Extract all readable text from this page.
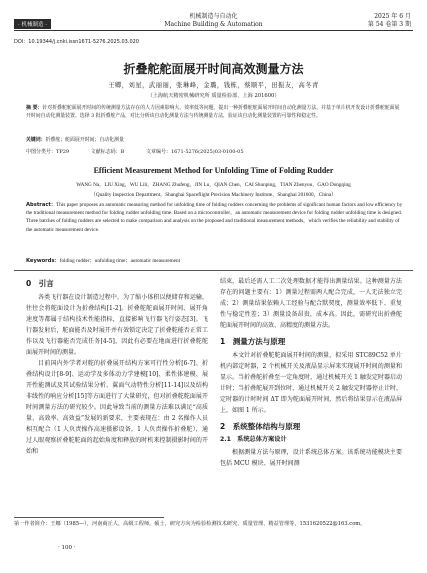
· 机械制造 ·
机械制造与自动化
Machine Building & Automation
2025 年 6 月
第 54 卷第 3 期
DOI：10.19344/j.cnki.issn1671-5276.2025.03.020
折叠舵舵面展开时间高效测量方法
王卿，刘星，武丽丽，张琳峰，金璐，钱栋，蔡顺平，田振友，高冬青
（上海航天精密机械研究所 质量检验部，上海 201600）
摘 要：针对折叠舵舵面展开时间的传统测量方法存在的人力因素影响大、效率低等问题，提出一种折叠舵舵面展开时间自动化测量方法，并基于单片机开发设计折叠舵舵面展开时间自动化测量装置。选择 3 批折叠舵产品，对比分析该自动化测量方法与传统测量方法，验证该自动化测量装置的可靠性和稳定性。
关键词：折叠舵；舵面展开时间；自动化测量
中图分类号：TP29	文献标志码：B	文章编号：1671-5276(2025)03-0100-05
Efficient Measurement Method for Unfolding Time of Folding Rudder
WANG Na，LIU Xing，WU Lili，ZHANG Zhufeng，JIN Lu，QIAN Chen，CAI Shunping，TIAN Zhenyou，GAO Dongqing
（Quality Inspection Department，Shanghai Spaceflight Precision Machinery Institute，Shanghai 201600，China）
Abstract：This paper proposes an automatic measuring method for unfolding time of folding rudders concerning the problems of significant human factors and low efficiency by the traditional measurement method for folding rudder unfolding time. Based on a microcontroller，an automatic measurement device for folding rudder unfolding time is designed. Three batches of folding rudders are selected to make comparison and analysis on the proposed and traditional measurement methods，which verifies the reliability and stability of the automatic measurement device.
Keywords：folding rudder；unfolding time；automatic measurement
0　引言

各类飞行器在设计制造过程中，为了缩小体积以便储存和运输，往往会将舵面设计为折叠结构[1-2]。折叠舵舵面展开时间、展开角速度等都属于结构技术性能指标，直接影响飞行器飞行姿态[3]。飞行器发射后，舵面能否及时展开并有效锁定决定了折叠舵能否正常工作以及飞行器能否完成任务[4-5]，因此有必要在地面进行折叠舵舵面展开时间的测量。

目前国内外学者对舵的折叠展开结构方案可行性分析[6-7]、折叠结构设计[8-9]、运动学及多体动力学建模[10]、柔性体建模、展开性能测试及其试验结果分析、翼面气动特性分析[11-14]以及结构非线性的响应分析[15]等方面进行了大量研究，但对折叠舵舵面展开时间测量方法的研究较少。因此导致当前的测量方法难以满足“高质量、高效率、高效益”发展的新要求，主要表现在：由 2 名操作人员相互配合（1 人负责操作高速摄影设备，1 人负责操作折叠舵），通过人眼观察折叠舵舵面的起始角度和释放的时机来控制摄影时间的开始和

结束，最后还需人工二次处理数据才能得出测量结果。这种测量方法存在的问题主要有：1）测量过程需两人配合完成，一人无法独立完成；2）测量结果依赖人工经验与配合默契度，测量效率低下、重复性与稳定性差；3）测量设备昂贵，成本高。因此，需研究出折叠舵舵面展开时间的高效、高精度的测量方法。

1　测量方法与原理

本文针对折叠舵舵面展开时间的测量，拟采用 STC89C52 单片机内部定时器，2 个机械开关及液晶显示屏来实现展开时间的测量和显示。当折叠舵折叠至一定角度时，通过机械开关 1 触发定时器启动计时；当折叠舵展开到位时，通过机械开关 2 触发定时器停止计时，定时器的计时时间 ΔT 即为舵面展开时间，然后将结果显示在液晶屏上，如图 1 所示。

2　系统整体结构与原理
2.1　系统总体方案设计

根据测量方法与原理，设计系统总体方案。该系统功能模块主要包括 MCU 模块、展开时间测

第一作者简介：王娜（1985—），河南商丘人，高级工程师，硕士，研究方向为检验检测技术研究、质量管理、精益管理等，1531620522@163.com。
· 100 ·
